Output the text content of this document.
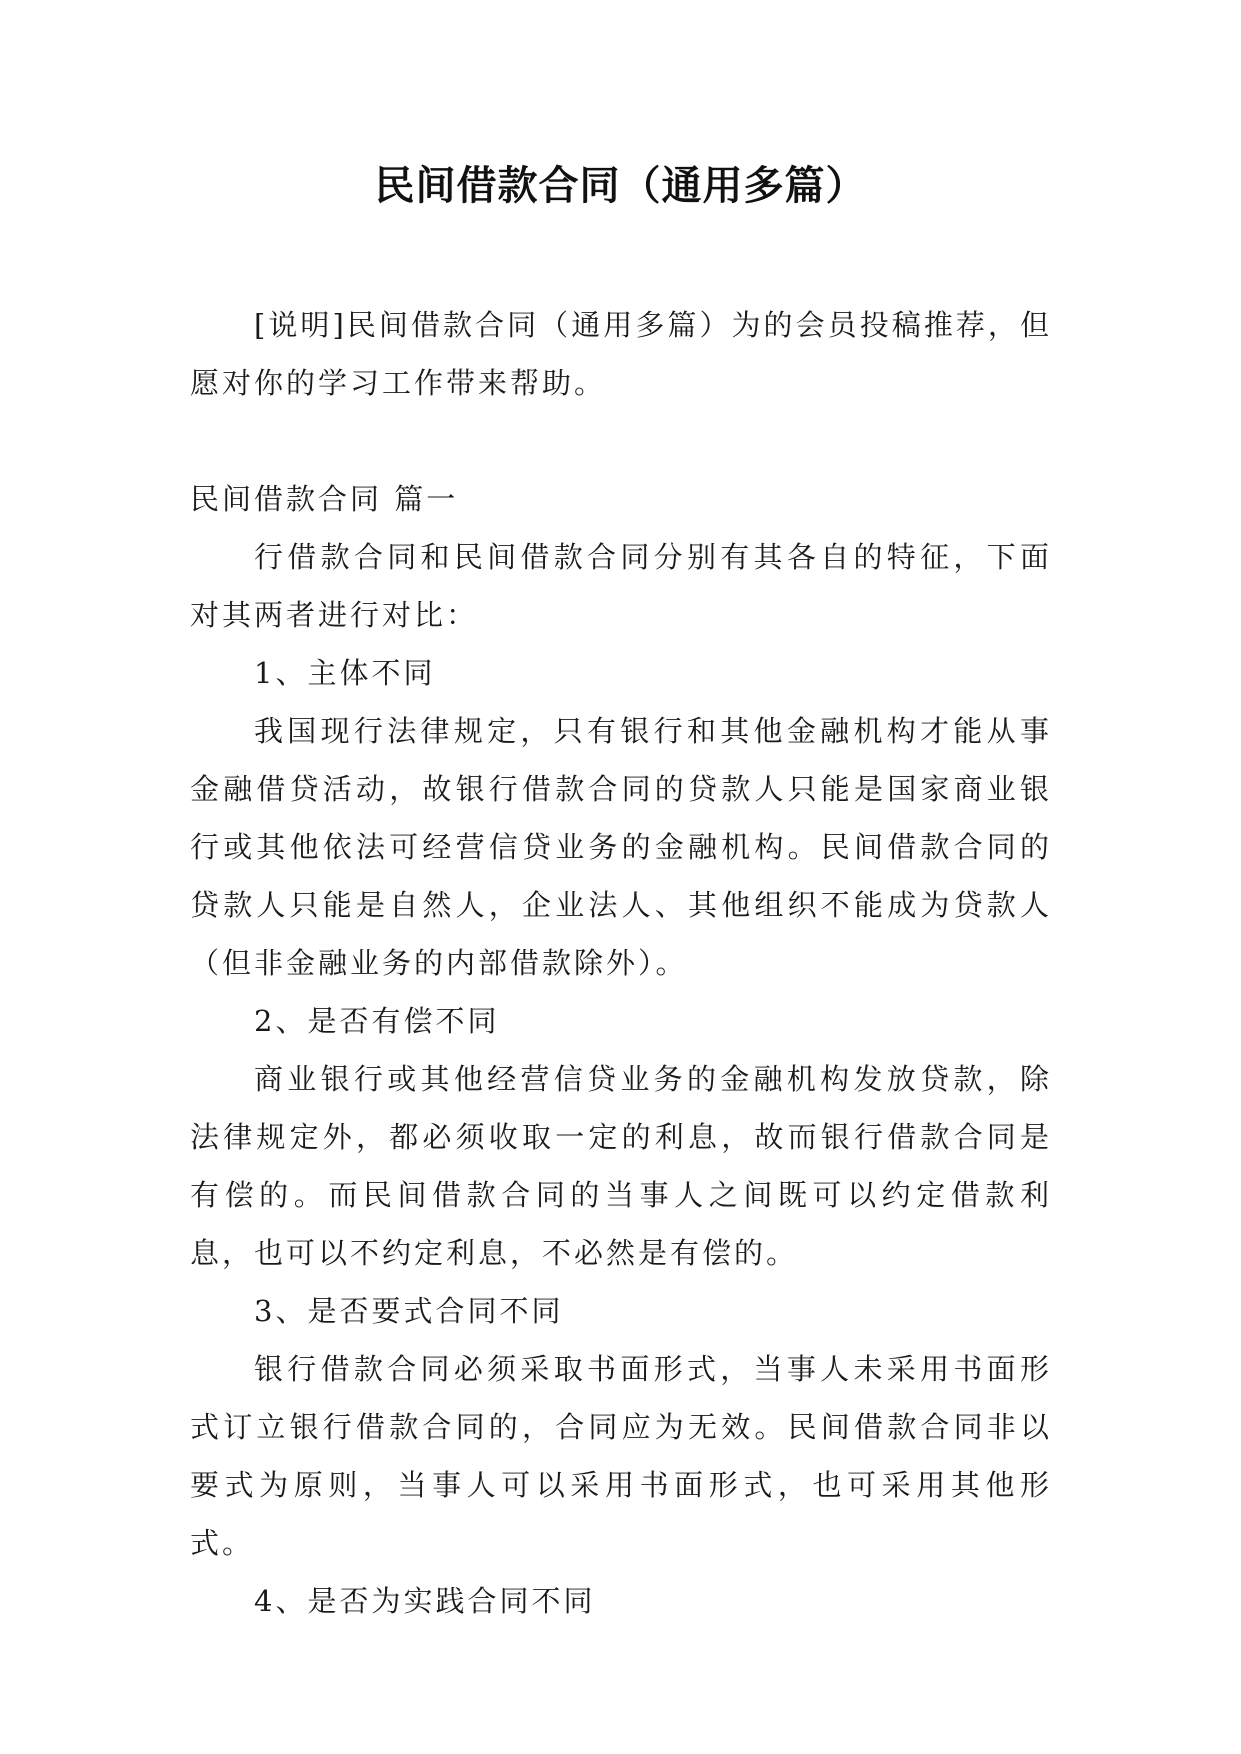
民间借款合同（通用多篇）
[说明]民间借款合同（通用多篇）为的会员投稿推荐，但愿对你的学习工作带来帮助。

民间借款合同 篇一

行借款合同和民间借款合同分别有其各自的特征，下面对其两者进行对比：

1、主体不同

我国现行法律规定，只有银行和其他金融机构才能从事金融借贷活动，故银行借款合同的贷款人只能是国家商业银行或其他依法可经营信贷业务的金融机构。民间借款合同的贷款人只能是自然人，企业法人、其他组织不能成为贷款人（但非金融业务的内部借款除外）。

2、是否有偿不同

商业银行或其他经营信贷业务的金融机构发放贷款，除法律规定外，都必须收取一定的利息，故而银行借款合同是有偿的。而民间借款合同的当事人之间既可以约定借款利息，也可以不约定利息，不必然是有偿的。

3、是否要式合同不同

银行借款合同必须采取书面形式，当事人未采用书面形式订立银行借款合同的，合同应为无效。民间借款合同非以要式为原则，当事人可以采用书面形式，也可采用其他形式。

4、是否为实践合同不同
